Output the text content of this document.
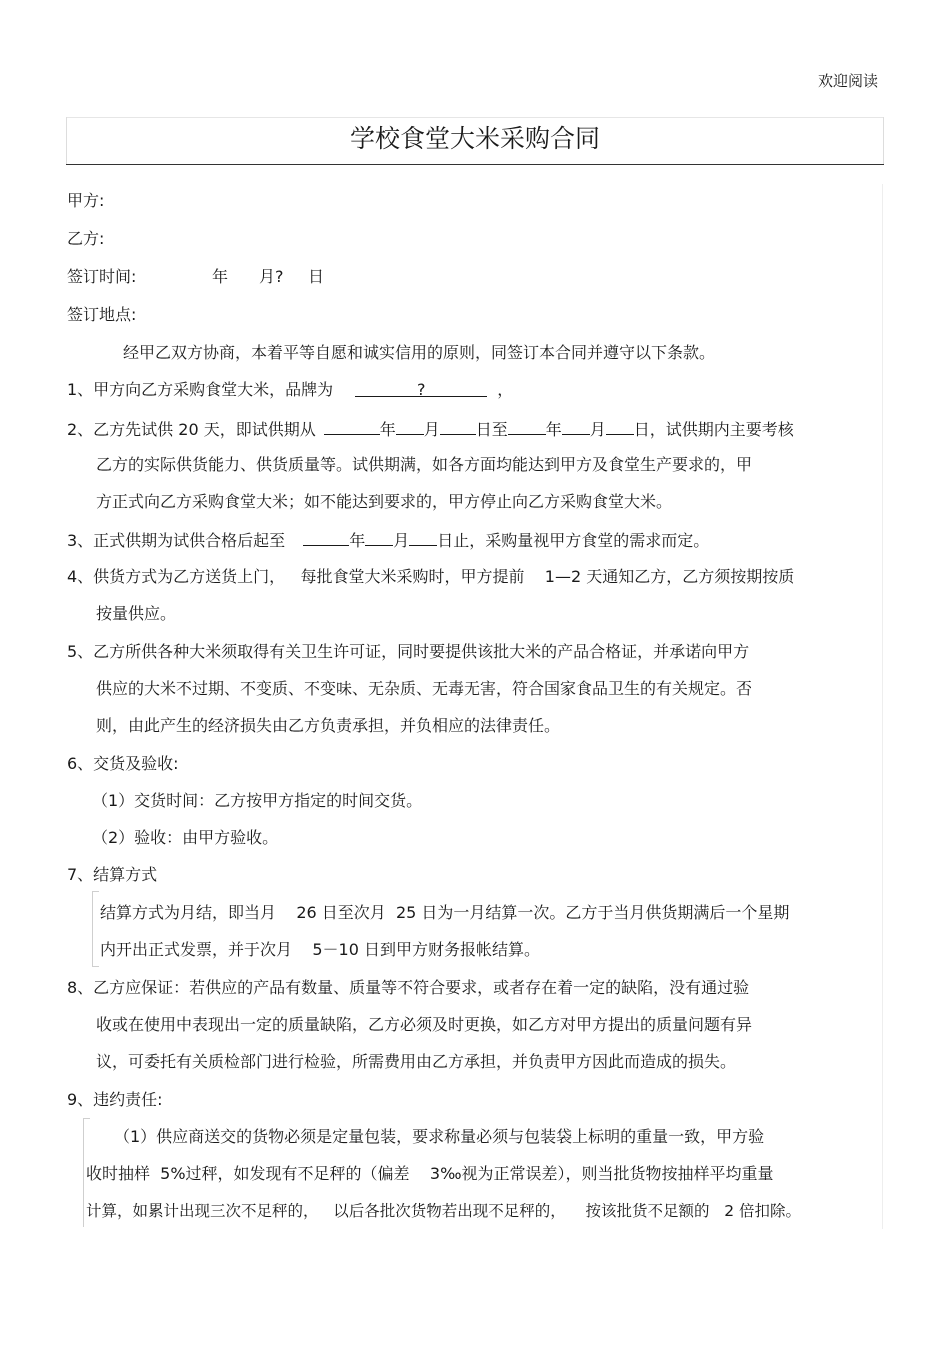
欢迎阅读
学校食堂大米采购合同
甲方:
乙方:
签订时间:	年 月? 日
签订地点:
经甲乙双方协商，本着平等自愿和诚实信用的原则，同签订本合同并遵守以下条款。
1、甲方向乙方采购食堂大米，品牌为	?	，
2、乙方先试供 20 天，即试供期从	年 月 日至 年 月 日，试供期内主要考核
乙方的实际供货能力、供货质量等。试供期满，如各方面均能达到甲方及食堂生产要求的，甲
方正式向乙方采购食堂大米；如不能达到要求的，甲方停止向乙方采购食堂大米。
3、正式供期为试供合格后起至	年 月 日止，采购量视甲方食堂的需求而定。
4、供货方式为乙方送货上门，   每批食堂大米采购时，甲方提前    1—2 天通知乙方，乙方须按期按质
按量供应。
5、乙方所供各种大米须取得有关卫生许可证，同时要提供该批大米的产品合格证，并承诺向甲方
供应的大米不过期、不变质、不变味、无杂质、无毒无害，符合国家食品卫生的有关规定。否
则，由此产生的经济损失由乙方负责承担，并负相应的法律责任。
6、交货及验收:
（1）交货时间：乙方按甲方指定的时间交货。
（2）验收：由甲方验收。
7、结算方式
结算方式为月结，即当月    26 日至次月  25 日为一月结算一次。乙方于当月供货期满后一个星期
内开出正式发票，并于次月    5－10 日到甲方财务报帐结算。
8、乙方应保证：若供应的产品有数量、质量等不符合要求，或者存在着一定的缺陷，没有通过验
收或在使用中表现出一定的质量缺陷，乙方必须及时更换，如乙方对甲方提出的质量问题有异
议，可委托有关质检部门进行检验，所需费用由乙方承担，并负责甲方因此而造成的损失。
9、违约责任:
（1）供应商送交的货物必须是定量包装，要求称量必须与包装袋上标明的重量一致，甲方验
收时抽样  5%过秤，如发现有不足秤的（偏差    3‰视为正常误差），则当批货物按抽样平均重量
计算，如累计出现三次不足秤的，   以后各批次货物若出现不足秤的，    按该批货不足额的   2 倍扣除。
